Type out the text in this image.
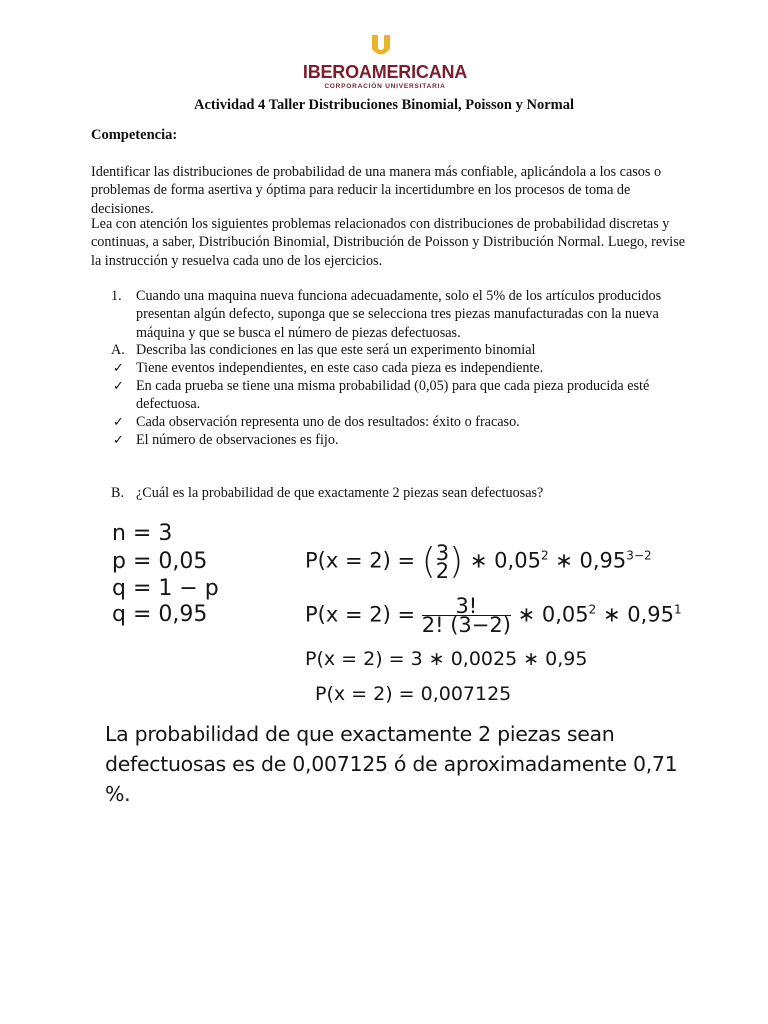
IBEROAMERICANA
CORPORACIÓN UNIVERSITARIA
Actividad 4 Taller Distribuciones Binomial, Poisson y Normal
Competencia:

Identificar las distribuciones de probabilidad de una manera más confiable, aplicándola a los casos o problemas de forma asertiva y óptima para reducir la incertidumbre en los procesos de toma de decisiones.

Lea con atención los siguientes problemas relacionados con distribuciones de probabilidad discretas y continuas, a saber, Distribución Binomial, Distribución de Poisson y Distribución Normal. Luego, revise la instrucción y resuelva cada uno de los ejercicios.

1. Cuando una maquina nueva funciona adecuadamente, solo el 5% de los artículos producidos presentan algún defecto, suponga que se selecciona tres piezas manufacturadas con la nueva máquina y que se busca el número de piezas defectuosas.

A. Describa las condiciones en las que este será un experimento binomial

✓ Tiene eventos independientes, en este caso cada pieza es independiente.

✓ En cada prueba se tiene una misma probabilidad (0,05) para que cada pieza producida esté defectuosa.

✓ Cada observación representa uno de dos resultados: éxito o fracaso.

✓ El número de observaciones es fijo.

B. ¿Cuál es la probabilidad de que exactamente 2 piezas sean defectuosas?

n = 3
p = 0,05
q = 1 − p
q = 0,95
P(x = 2) = ( 3
2 ) ∗ 0,05$^2$ ∗ $0,95^{3-2}$
$P(x = 2) = \frac{3!}{2! (3-2)}$ ∗ 0,05$^2$ ∗ 0,95$^1$
P(x = 2) = 3 ∗ 0,0025 ∗ 0,95
P(x = 2) = 0,007125
La probabilidad de que exactamente 2 piezas sean defectuosas es de 0,007125 ó de aproximadamente 0,71 %.
